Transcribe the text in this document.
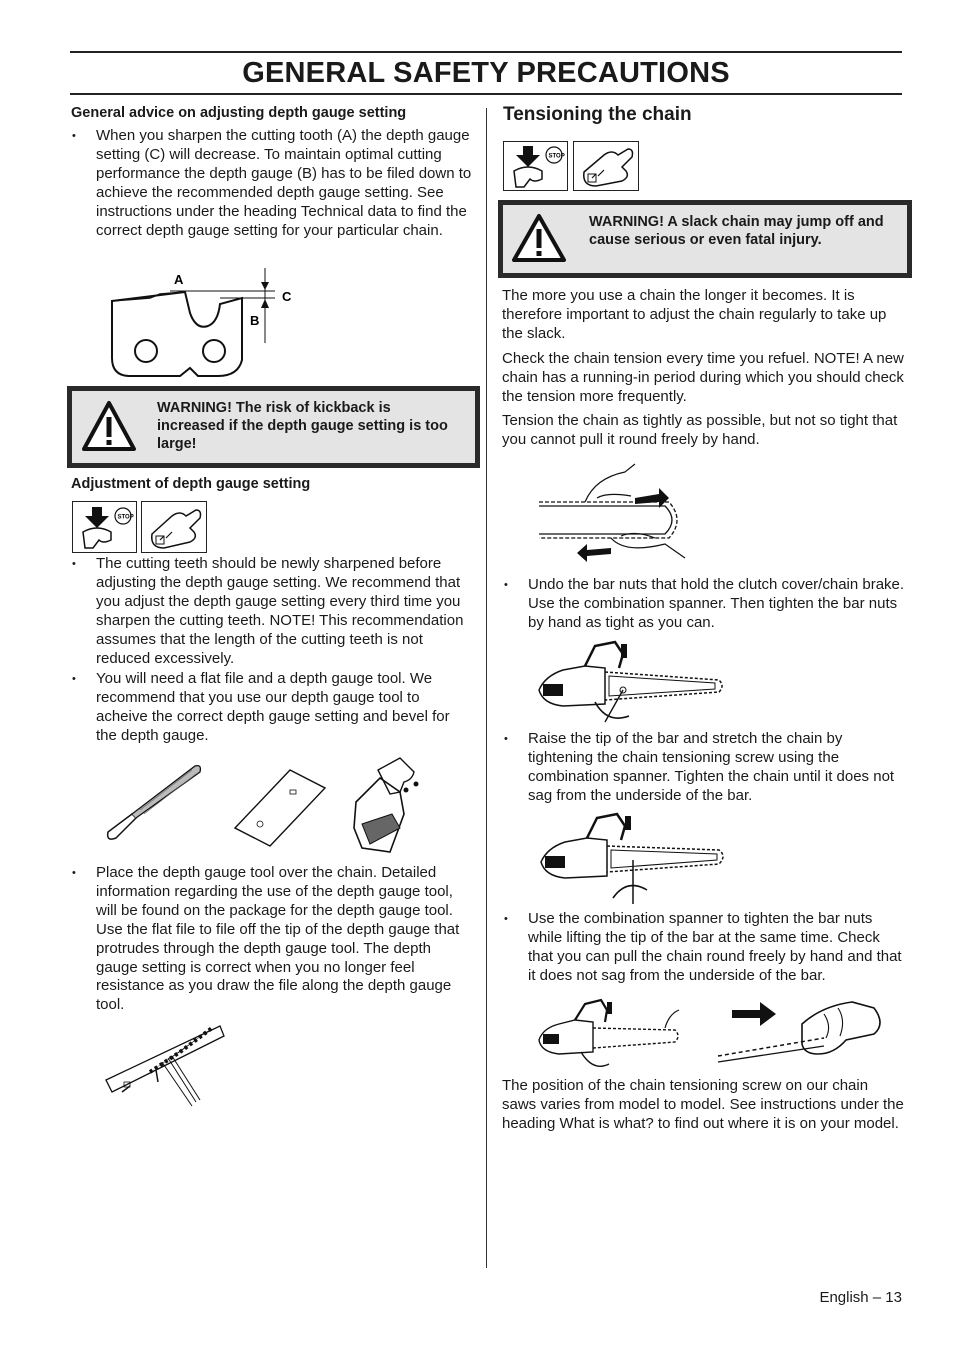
GENERAL SAFETY PRECAUTIONS
General advice on adjusting depth gauge setting
• When you sharpen the cutting tooth (A) the depth gauge setting (C) will decrease. To maintain optimal cutting performance the depth gauge (B) has to be filed down to achieve the recommended depth gauge setting. See instructions under the heading Technical data to find the correct depth gauge setting for your particular chain.
A
B
C
WARNING! The risk of kickback is increased if the depth gauge setting is too large!
Adjustment of depth gauge setting
STOP
• The cutting teeth should be newly sharpened before adjusting the depth gauge setting. We recommend that you adjust the depth gauge setting every third time you sharpen the cutting teeth. NOTE! This recommendation assumes that the length of the cutting teeth is not reduced excessively.
• You will need a flat file and a depth gauge tool. We recommend that you use our depth gauge tool to acheive the correct depth gauge setting and bevel for the depth gauge.
• Place the depth gauge tool over the chain. Detailed information regarding the use of the depth gauge tool, will be found on the package for the depth gauge tool. Use the flat file to file off the tip of the depth gauge that protrudes through the depth gauge tool. The depth gauge setting is correct when you no longer feel resistance as you draw the file along the depth gauge tool.
Tensioning the chain
STOP
WARNING! A slack chain may jump off and cause serious or even fatal injury.

The more you use a chain the longer it becomes. It is therefore important to adjust the chain regularly to take up the slack.

Check the chain tension every time you refuel. NOTE! A new chain has a running-in period during which you should check the tension more frequently.

Tension the chain as tightly as possible, but not so tight that you cannot pull it round freely by hand.

• Undo the bar nuts that hold the clutch cover/chain brake. Use the combination spanner. Then tighten the bar nuts by hand as tight as you can.
• Raise the tip of the bar and stretch the chain by tightening the chain tensioning screw using the combination spanner. Tighten the chain until it does not sag from the underside of the bar.
• Use the combination spanner to tighten the bar nuts while lifting the tip of the bar at the same time. Check that you can pull the chain round freely by hand and that it does not sag from the underside of the bar.

The position of the chain tensioning screw on our chain saws varies from model to model. See instructions under the heading What is what? to find out where it is on your model.

English – 13
